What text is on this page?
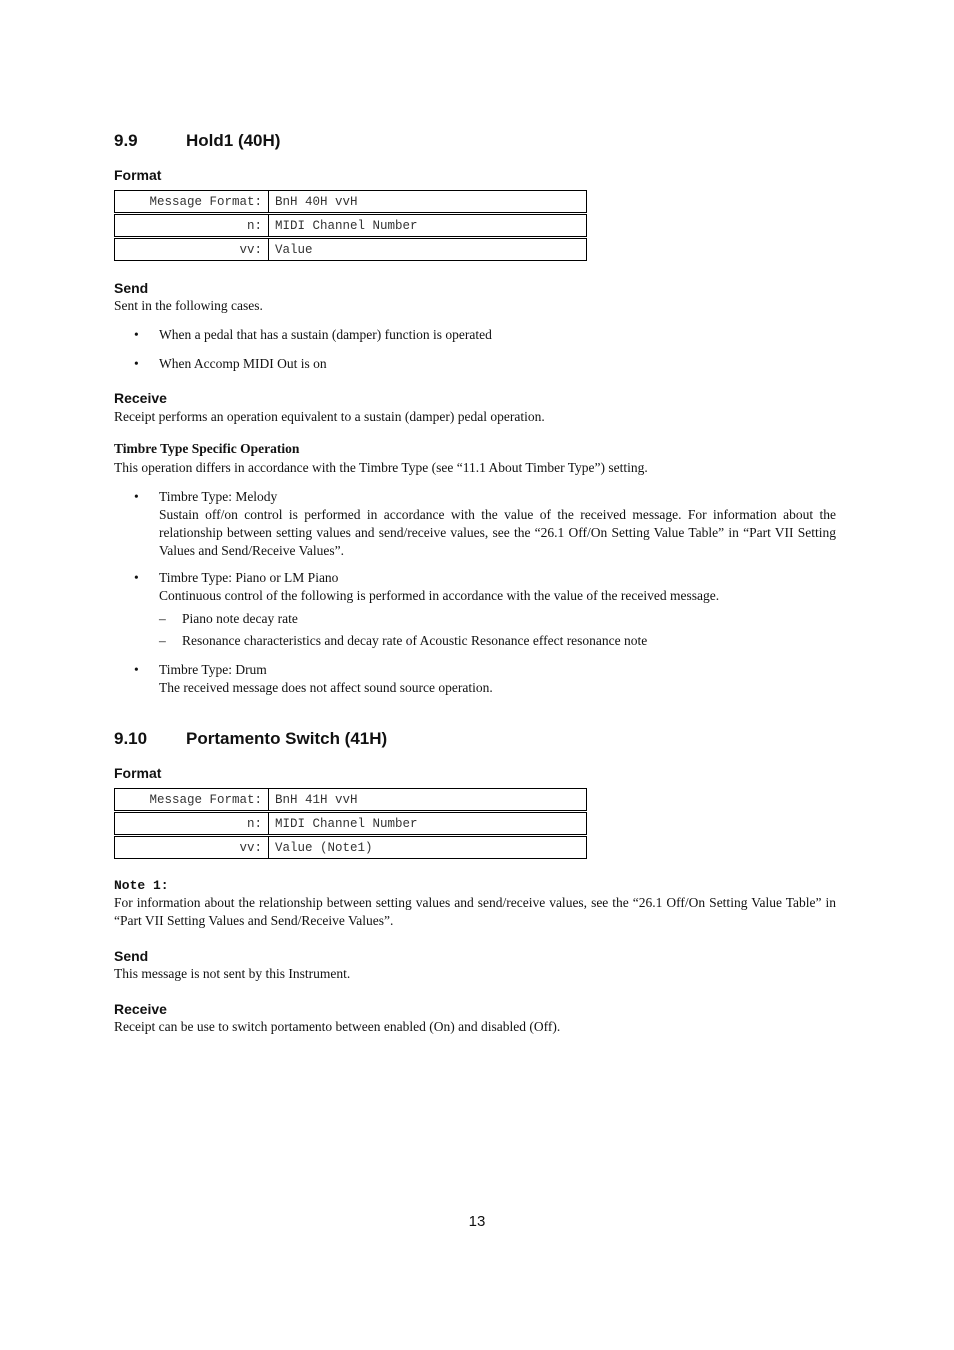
9.9	Hold1 (40H)
Format
Message Format:	BnH 40H vvH
n:	MIDI Channel Number
vv:	Value
Send
Sent in the following cases.
• When a pedal that has a sustain (damper) function is operated
• When Accomp MIDI Out is on
Receive
Receipt performs an operation equivalent to a sustain (damper) pedal operation.
Timbre Type Specific Operation
This operation differs in accordance with the Timbre Type (see “11.1 About Timber Type”) setting.
• Timbre Type: Melody
Sustain off/on control is performed in accordance with the value of the received message. For information about the relationship between setting values and send/receive values, see the “26.1 Off/On Setting Value Table” in “Part VII Setting Values and Send/Receive Values”.
• Timbre Type: Piano or LM Piano
Continuous control of the following is performed in accordance with the value of the received message.
– Piano note decay rate
– Resonance characteristics and decay rate of Acoustic Resonance effect resonance note
• Timbre Type: Drum
The received message does not affect sound source operation.
9.10 Portamento Switch (41H)
Format
Message Format:	BnH 41H vvH
n:	MIDI Channel Number
vv:	Value (Note1)
Note 1:
For information about the relationship between setting values and send/receive values, see the “26.1 Off/On Setting Value Table” in “Part VII Setting Values and Send/Receive Values”.
Send
This message is not sent by this Instrument.
Receive
Receipt can be use to switch portamento between enabled (On) and disabled (Off).
13
